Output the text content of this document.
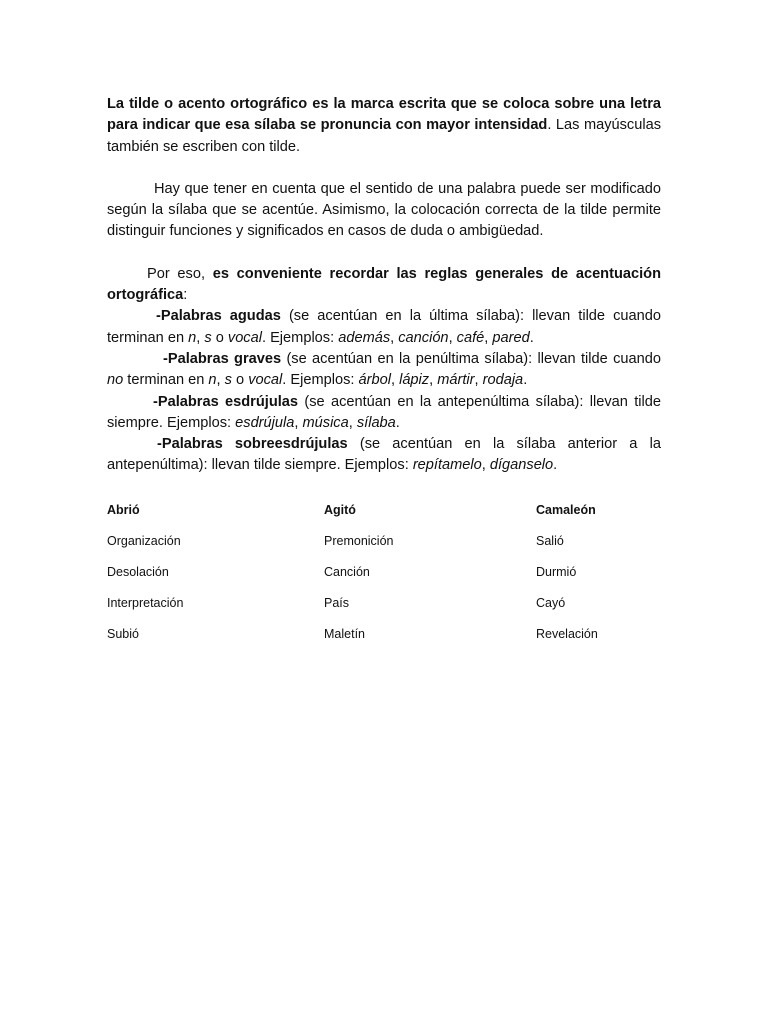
La tilde o acento ortográfico es la marca escrita que se coloca sobre una letra para indicar que esa sílaba se pronuncia con mayor intensidad. Las mayúsculas también se escriben con tilde.

Hay que tener en cuenta que el sentido de una palabra puede ser modificado según la sílaba que se acentúe. Asimismo, la colocación correcta de la tilde permite distinguir funciones y significados en casos de duda o ambigüedad.

Por eso, es conveniente recordar las reglas generales de acentuación ortográfica:

-Palabras agudas (se acentúan en la última sílaba): llevan tilde cuando terminan en n, s o vocal. Ejemplos: además, canción, café, pared.

-Palabras graves (se acentúan en la penúltima sílaba): llevan tilde cuando no terminan en n, s o vocal. Ejemplos: árbol, lápiz, mártir, rodaja.

-Palabras esdrújulas (se acentúan en la antepenúltima sílaba): llevan tilde siempre. Ejemplos: esdrújula, música, sílaba.

-Palabras sobreesdrújulas (se acentúan en la sílaba anterior a la antepenúltima): llevan tilde siempre. Ejemplos: repítamelo, díganselo.

Abrió	Agitó	Camaleón
Organización	Premonición	Salió
Desolación	Canción	Durmió
Interpretación	País	Cayó
Subió	Maletín	Revelación
